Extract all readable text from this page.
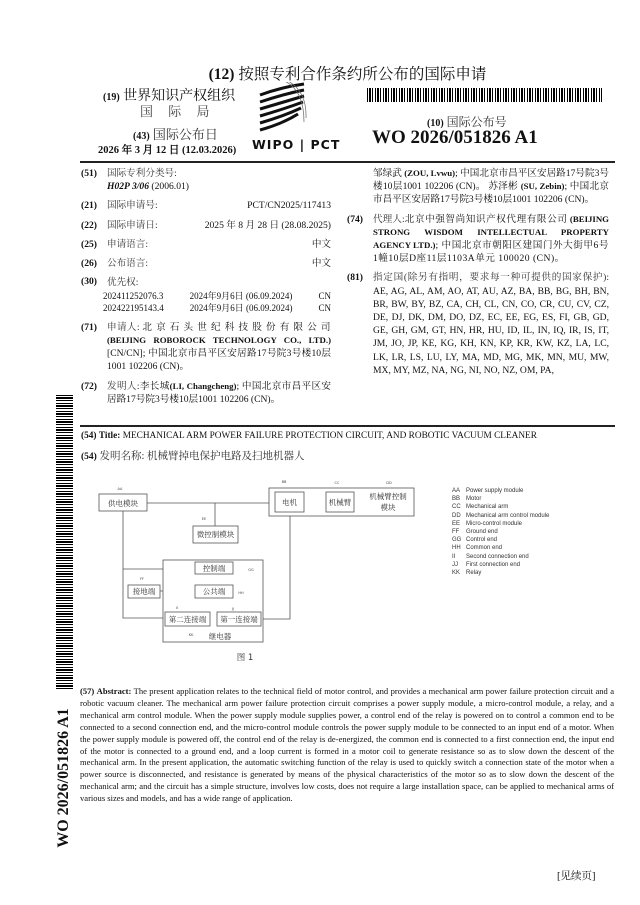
(12) 按照专利合作条约所公布的国际申请
(19) 世界知识产权组织
国 际 局
(43) 国际公布日
2026 年 3 月 12 日 (12.03.2026) WIPO | PCT
(10) 国际公布号
WO 2026/051826 A1
(51) 国际专利分类号:
H02P 3/06 (2006.01)
(21) 国际申请号:	PCT/CN2025/117413
(22) 国际申请日:	2025 年 8 月 28 日 (28.08.2025)
(25) 申请语言:	中文
(26) 公布语言:	中文
(30) 优先权:
202411252076.3	2024年9月6日 (06.09.2024)	CN
202422195143.4	2024年9月6日 (06.09.2024)	CN
(71) 申请人: 北 京 石 头 世 纪 科 技 股 份 有 限 公 司 (BEIJING ROBOROCK TECHNOLOGY CO., LTD.) [CN/CN]; 中国北京市昌平区安居路17号院3号楼10层1001 102206 (CN)。
(72) 发明人:李长城(LI, Changcheng); 中国北京市昌平区安居路17号院3号楼10层1001 102206 (CN)。
邹绿武 (ZOU, Lvwu); 中国北京市昌平区安居路17号院3号楼10层1001 102206 (CN)。 苏泽彬 (SU, Zebin); 中国北京市昌平区安居路17号院3号楼10层1001 102206 (CN)。
(74) 代理人:北京中强智尚知识产权代理有限公司 (BEIJING STRONG WISDOM INTELLECTUAL PROPERTY AGENCY LTD.); 中国北京市朝阳区建国门外大街甲6号1幢10层D座11层1103A单元 100020 (CN)。
(81) 指定国(除另有指明，要求每一种可提供的国家保护): AE, AG, AL, AM, AO, AT, AU, AZ, BA, BB, BG, BH, BN, BR, BW, BY, BZ, CA, CH, CL, CN, CO, CR, CU, CV, CZ, DE, DJ, DK, DM, DO, DZ, EC, EE, EG, ES, FI, GB, GD, GE, GH, GM, GT, HN, HR, HU, ID, IL, IN, IQ, IR, IS, IT, JM, JO, JP, KE, KG, KH, KN, KP, KR, KW, KZ, LA, LC, LK, LR, LS, LU, LY, MA, MD, MG, MK, MN, MU, MW, MX, MY, MZ, NA, NG, NI, NO, NZ, OM, PA,
(54) Title: MECHANICAL ARM POWER FAILURE PROTECTION CIRCUIT, AND ROBOTIC VACUUM CLEANER
(54) 发明名称: 机械臂掉电保护电路及扫地机器人
供电模块	电机	机械臂
机械臂控制
模块
微控制模块
控制端
公共端
接地端
第二连接端 第一连接端
继电器
图 1
AA
BB	CC	DD
EE
FF
GG
HH
II	JJ
KK
AA Power supply module
BB Motor
CC Mechanical arm
DD Mechanical arm control module
EE Micro-control module
FF Ground end
GG Control end
HH Common end
II Second connection end
JJ First connection end
KK Relay
(57) Abstract: The present application relates to the technical field of motor control, and provides a mechanical arm power failure protection circuit and a robotic vacuum cleaner. The mechanical arm power failure protection circuit comprises a power supply module, a micro-control module, a relay, and a mechanical arm control module. When the power supply module supplies power, a control end of the relay is powered on to control a common end to be connected to a second connection end, and the micro-control module controls the power supply module to be connected to an input end of a motor. When the power supply module is powered off, the control end of the relay is de-energized, the common end is connected to a first connection end, the input end of the motor is connected to a ground end, and a loop current is formed in a motor coil to generate resistance so as to slow down the descent of the mechanical arm. In the present application, the automatic switching function of the relay is used to quickly switch a connection state of the motor when a power source is disconnected, and resistance is generated by means of the physical characteristics of the motor so as to slow down the descent of the mechanical arm; and the circuit has a simple structure, involves low costs, does not require a large installation space, can be applied to mechanical arms of various sizes and models, and has a wide range of application.
WO 2026/051826 A1
[见续页]
